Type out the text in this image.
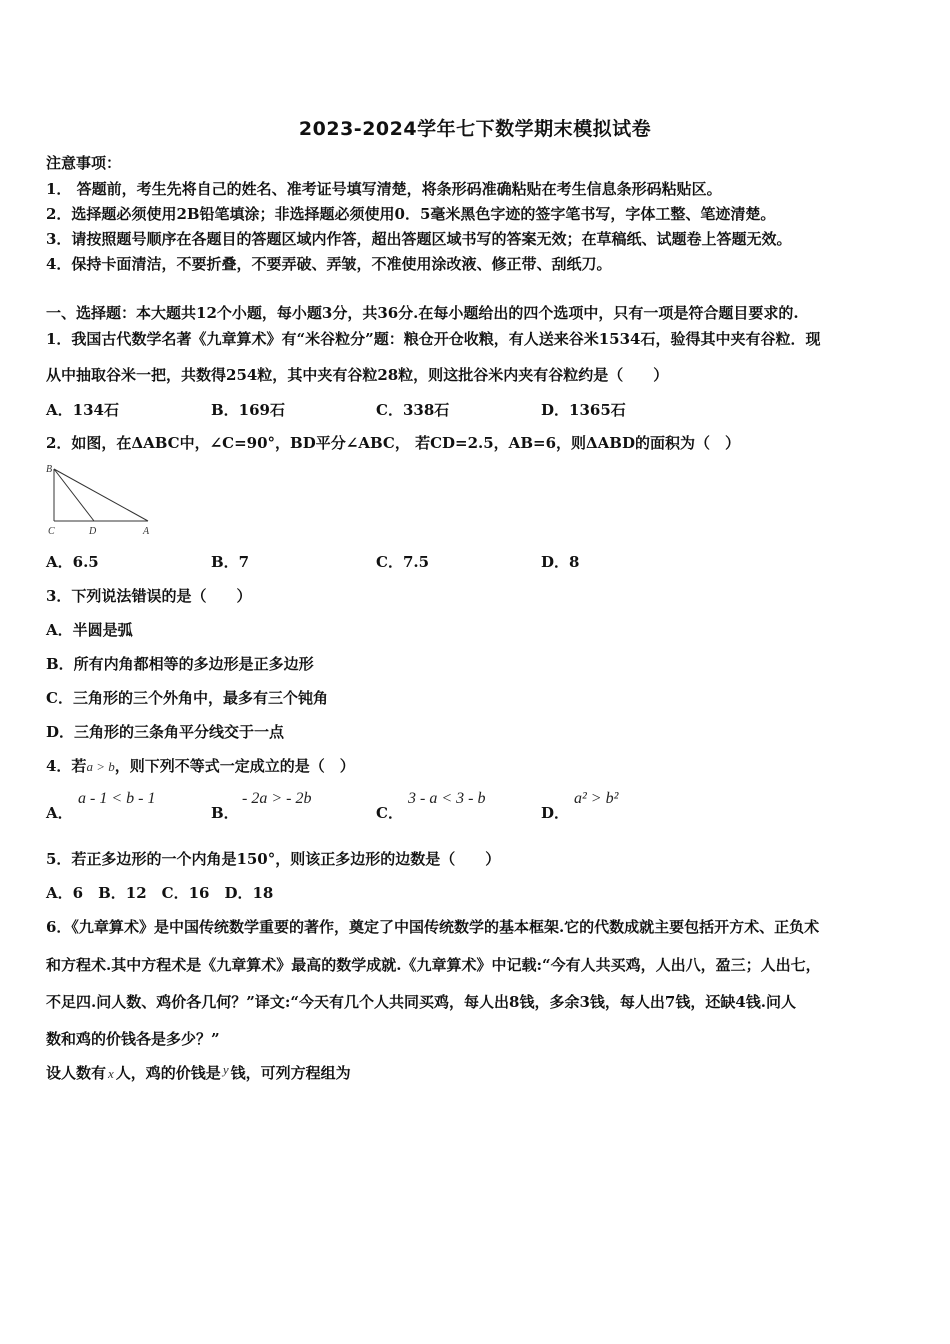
2023-2024学年七下数学期末模拟试卷
注意事项：
1． 答题前，考生先将自己的姓名、准考证号填写清楚，将条形码准确粘贴在考生信息条形码粘贴区。
2．选择题必须使用2B铅笔填涂；非选择题必须使用0．5毫米黑色字迹的签字笔书写，字体工整、笔迹清楚。
3．请按照题号顺序在各题目的答题区域内作答，超出答题区域书写的答案无效；在草稿纸、试题卷上答题无效。
4．保持卡面清洁，不要折叠，不要弄破、弄皱，不准使用涂改液、修正带、刮纸刀。
一、选择题：本大题共12个小题，每小题3分，共36分.在每小题给出的四个选项中，只有一项是符合题目要求的.
1．我国古代数学名著《九章算术》有“米谷粒分”题：粮仓开仓收粮，有人送来谷米1534石，验得其中夹有谷粒．现
从中抽取谷米一把，共数得254粒，其中夹有谷粒28粒，则这批谷米内夹有谷粒约是（　　）
A．134石	B．169石	C．338石	D．1365石
2．如图，在ΔABC中，∠C=90°，BD平分∠ABC， 若CD=2.5，AB=6，则ΔABD的面积为（　）
B
C	D	A
A．6.5	B．7	C．7.5	D．8
3．下列说法错误的是（　　）
A．半圆是弧
B．所有内角都相等的多边形是正多边形
C．三角形的三个外角中，最多有三个钝角
D．三角形的三条角平分线交于一点
4．若a > b，则下列不等式一定成立的是（　）
A．
a - 1 < b - 1
B．
- 2a > - 2b
C．
3 - a < 3 - b
D．
a² > b²
5．若正多边形的一个内角是150°，则该正多边形的边数是（　　）
A．6　B．12　C．16　D．18
6．《九章算术》是中国传统数学重要的著作，奠定了中国传统数学的基本框架.它的代数成就主要包括开方术、正负术
和方程术.其中方程术是《九章算术》最高的数学成就.《九章算术》中记载:“今有人共买鸡，人出八，盈三；人出七，
不足四.问人数、鸡价各几何？”译文:“今天有几个人共同买鸡，每人出8钱，多余3钱，每人出7钱，还缺4钱.问人
数和鸡的价钱各是多少？”
设人数有 x 人，鸡的价钱是 y 钱，可列方程组为
